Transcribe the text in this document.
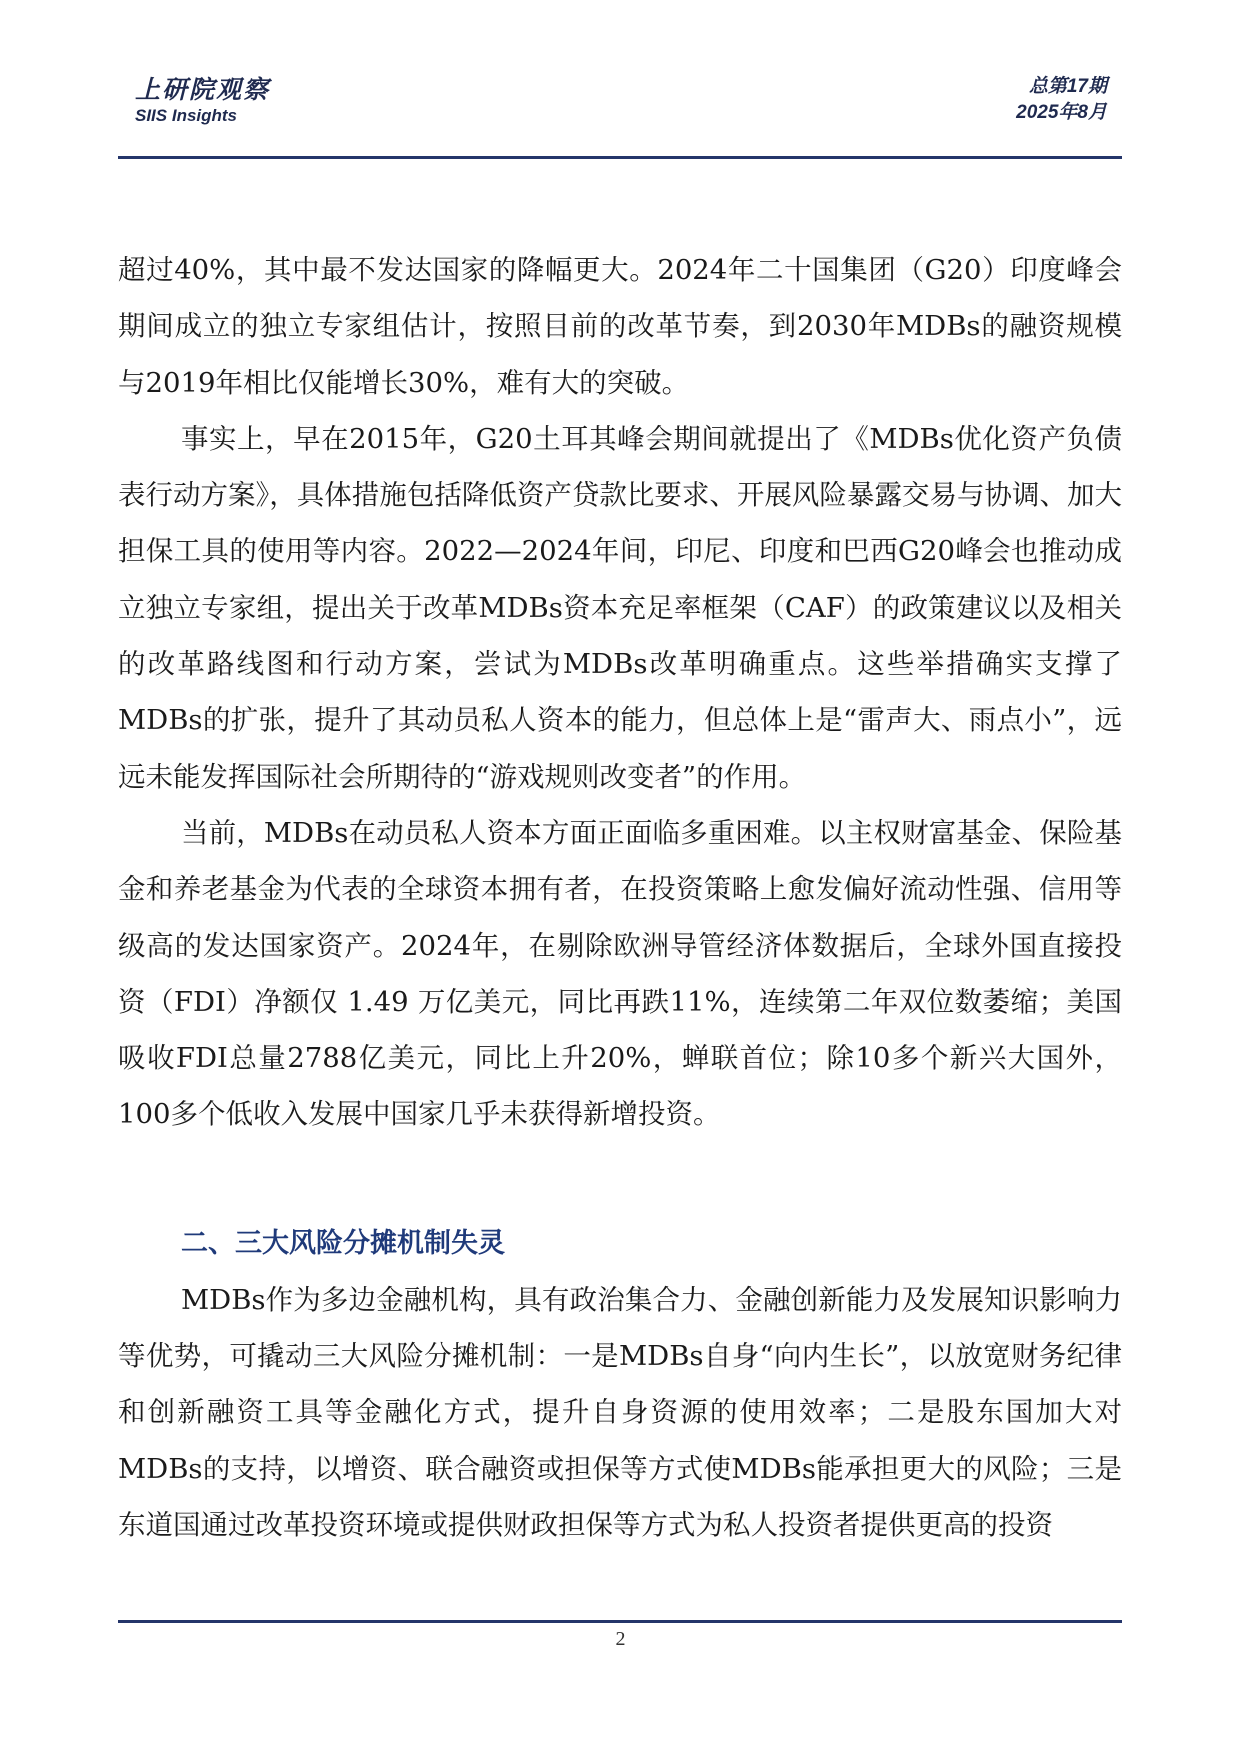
上研院观察
SIIS Insights
总第17期
2025年8月

超过40%，其中最不发达国家的降幅更大。2024年二十国集团（G20）印度峰会期间成立的独立专家组估计，按照目前的改革节奏，到2030年MDBs的融资规模与2019年相比仅能增长30%，难有大的突破。

事实上，早在2015年，G20土耳其峰会期间就提出了《MDBs优化资产负债表行动方案》，具体措施包括降低资产贷款比要求、开展风险暴露交易与协调、加大担保工具的使用等内容。2022—2024年间，印尼、印度和巴西G20峰会也推动成立独立专家组，提出关于改革MDBs资本充足率框架（CAF）的政策建议以及相关的改革路线图和行动方案，尝试为MDBs改革明确重点。这些举措确实支撑了MDBs的扩张，提升了其动员私人资本的能力，但总体上是“雷声大、雨点小”，远远未能发挥国际社会所期待的“游戏规则改变者”的作用。

当前，MDBs在动员私人资本方面正面临多重困难。以主权财富基金、保险基金和养老基金为代表的全球资本拥有者，在投资策略上愈发偏好流动性强、信用等级高的发达国家资产。2024年，在剔除欧洲导管经济体数据后，全球外国直接投资（FDI）净额仅 1.49 万亿美元，同比再跌11%，连续第二年双位数萎缩；美国吸收FDI总量2788亿美元，同比上升20%，蝉联首位；除10多个新兴大国外，100多个低收入发展中国家几乎未获得新增投资。

二、三大风险分摊机制失灵

MDBs作为多边金融机构，具有政治集合力、金融创新能力及发展知识影响力等优势，可撬动三大风险分摊机制：一是MDBs自身“向内生长”，以放宽财务纪律和创新融资工具等金融化方式，提升自身资源的使用效率；二是股东国加大对MDBs的支持，以增资、联合融资或担保等方式使MDBs能承担更大的风险；三是东道国通过改革投资环境或提供财政担保等方式为私人投资者提供更高的投资

2
